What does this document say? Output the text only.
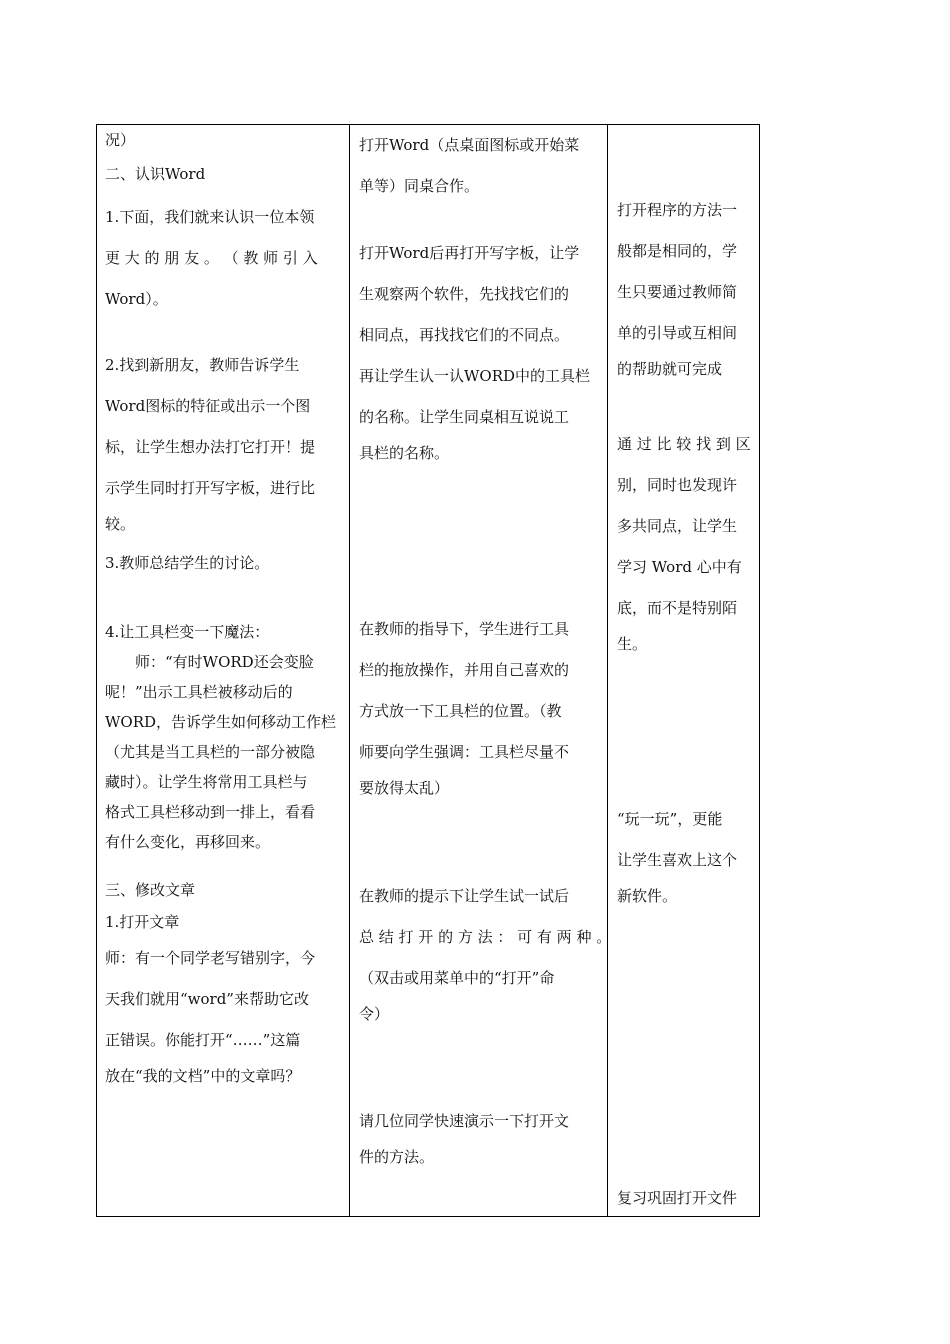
况）
二、认识Word
1.下面，我们就来认识一位本领
更 大 的 朋 友 。 （ 教 师 引 入
Word）。
2.找到新朋友，教师告诉学生
Word图标的特征或出示一个图
标，让学生想办法打它打开！提
示学生同时打开写字板，进行比
较。
3.教师总结学生的讨论。
4.让工具栏变一下魔法：
　　师：“有时WORD还会变脸
呢！”出示工具栏被移动后的
WORD，告诉学生如何移动工作栏
（尤其是当工具栏的一部分被隐
藏时）。让学生将常用工具栏与
格式工具栏移动到一排上，看看
有什么变化，再移回来。
三、修改文章
1.打开文章
师：有一个同学老写错别字，今
天我们就用“word”来帮助它改
正错误。你能打开“……”这篇
放在“我的文档”中的文章吗？
打开Word（点桌面图标或开始菜
单等）同桌合作。
打开Word后再打开写字板，让学
生观察两个软件，先找找它们的
相同点，再找找它们的不同点。
再让学生认一认WORD中的工具栏
的名称。让学生同桌相互说说工
具栏的名称。
在教师的指导下，学生进行工具
栏的拖放操作，并用自己喜欢的
方式放一下工具栏的位置。（教
师要向学生强调：工具栏尽量不
要放得太乱）
在教师的提示下让学生试一试后
总 结 打 开 的 方 法 ： 可 有 两 种 。
（双击或用菜单中的“打开”命
令）
请几位同学快速演示一下打开文
件的方法。
打开程序的方法一
般都是相同的，学
生只要通过教师简
单的引导或互相间
的帮助就可完成
通 过 比 较 找 到 区
别，同时也发现许
多共同点，让学生
学习 Word 心中有
底，而不是特别陌
生。
“玩一玩”，更能
让学生喜欢上这个
新软件。
复习巩固打开文件
